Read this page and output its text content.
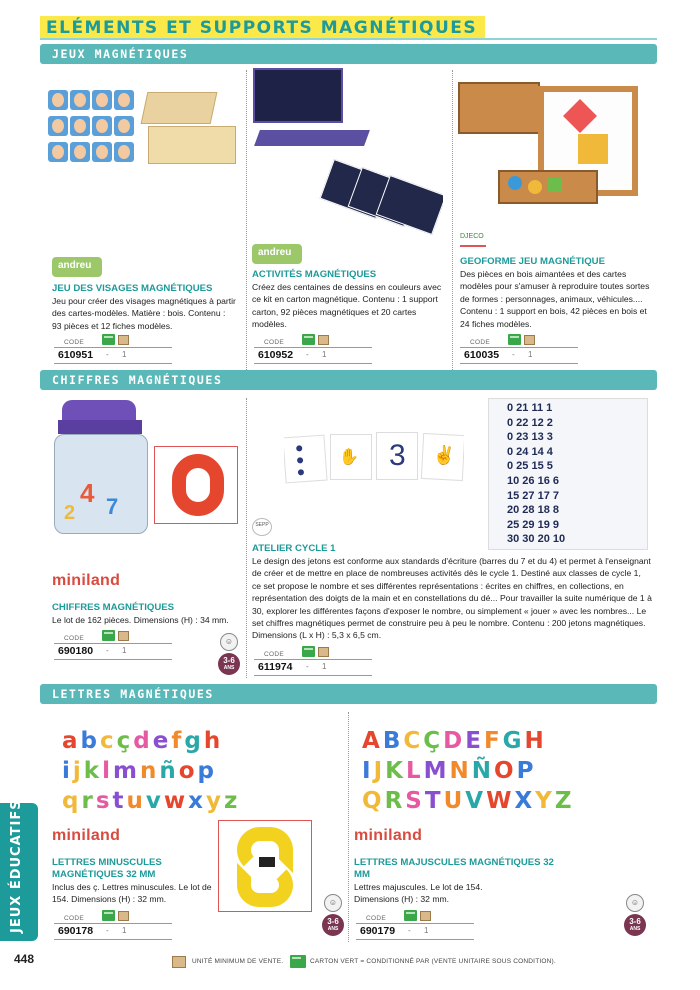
ELÉMENTS ET SUPPORTS MAGNÉTIQUES
JEUX MAGNÉTIQUES
andreu
JEU DES VISAGES MAGNÉTIQUES
Jeu pour créer des visages magnétiques à partir des cartes-modèles. Matière : bois. Contenu : 93 pièces et 12 fiches modèles.
CODE
610951 - 1
andreu
ACTIVITÉS MAGNÉTIQUES
Créez des centaines de dessins en couleurs avec ce kit en carton magnétique. Contenu : 1 support carton, 92 pièces magnétiques et 20 cartes modèles.
CODE
610952 - 1
DJECO
GEOFORME JEU MAGNÉTIQUE
Des pièces en bois aimantées et des cartes modèles pour s'amuser à reproduire toutes sortes de formes : personnages, animaux, véhicules.... Contenu : 1 support en bois, 42 pièces en bois et 24 fiches modèles.
CODE
610035 - 1
CHIFFRES MAGNÉTIQUES
4 7
2
miniland
CHIFFRES MAGNÉTIQUES
Le lot de 162 pièces. Dimensions (H) : 34 mm.
CODE
690180 - 1
☺
3-6
ANS
✋ 3 ✌
0 21 11 1
0 22 12 2
0 23 13 3
0 24 14 4
0 25 15 5
10 26 16 6
15 27 17 7
20 28 18 8
25 29 19 9
30 30 20 10
SEPP
ATELIER CYCLE 1
Le design des jetons est conforme aux standards d'écriture (barres du 7 et du 4) et permet à l'enseignant de créer et de mettre en place de nombreuses activités dès le cycle 1. Destiné aux classes de cycle 1, ce set propose le nombre et ses différentes représentations : écrites en chiffres, en collections, en représentation des doigts de la main et en constellations du dé... Pour travailler la suite numérique de 1 à 30, explorer les différentes façons d'exposer le nombre, ou simplement « jouer » avec les nombres... Le set chiffres magnétiques permet de construire peu à peu le nombre. Contenu : 200 jetons magnétiques. Dimensions (L x H) : 5,3 x 6,5 cm.
CODE
611974 - 1
LETTRES MAGNÉTIQUES
abcçdefgh
ijklmnñop
qrstuvwxyz
ABCÇDEFGH
IJKLMNÑOP
QRSTUVWXYZ
miniland
LETTRES MINUSCULES MAGNÉTIQUES 32 MM
Inclus des ç. Lettres minuscules. Le lot de 154. Dimensions (H) : 32 mm.
CODE
690178 - 1
☺
3-6
ANS
miniland
LETTRES MAJUSCULES MAGNÉTIQUES 32 MM
Lettres majuscules. Le lot de 154. Dimensions (H) : 32 mm.
CODE
690179 - 1
☺
3-6
ANS
JEUX ÉDUCATIFS
448	UNITÉ MINIMUM DE VENTE.	CARTON VERT = CONDITIONNÉ PAR (VENTE UNITAIRE SOUS CONDITION).
